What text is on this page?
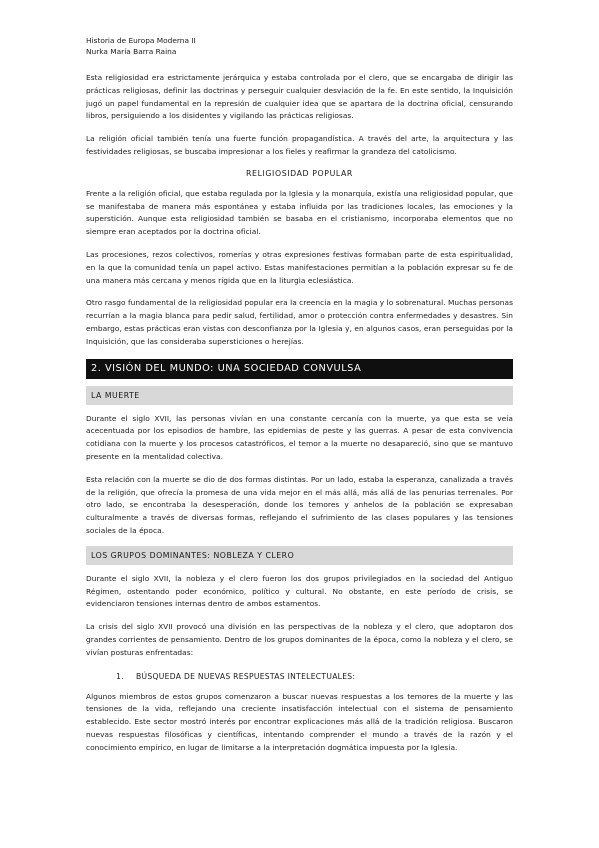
Historia de Europa Moderna II
Nurka María Barra Raina

Esta religiosidad era estrictamente jerárquica y estaba controlada por el clero, que se encargaba de dirigir las prácticas religiosas, definir las doctrinas y perseguir cualquier desviación de la fe. En este sentido, la Inquisición jugó un papel fundamental en la represión de cualquier idea que se apartara de la doctrina oficial, censurando libros, persiguiendo a los disidentes y vigilando las prácticas religiosas.

La religión oficial también tenía una fuerte función propagandística. A través del arte, la arquitectura y las festividades religiosas, se buscaba impresionar a los fieles y reafirmar la grandeza del catolicismo.

RELIGIOSIDAD POPULAR

Frente a la religión oficial, que estaba regulada por la Iglesia y la monarquía, existía una religiosidad popular, que se manifestaba de manera más espontánea y estaba influida por las tradiciones locales, las emociones y la superstición. Aunque esta religiosidad también se basaba en el cristianismo, incorporaba elementos que no siempre eran aceptados por la doctrina oficial.

Las procesiones, rezos colectivos, romerías y otras expresiones festivas formaban parte de esta espiritualidad, en la que la comunidad tenía un papel activo. Estas manifestaciones permitían a la población expresar su fe de una manera más cercana y menos rígida que en la liturgia eclesiástica.

Otro rasgo fundamental de la religiosidad popular era la creencia en la magia y lo sobrenatural. Muchas personas recurrían a la magia blanca para pedir salud, fertilidad, amor o protección contra enfermedades y desastres. Sin embargo, estas prácticas eran vistas con desconfianza por la Iglesia y, en algunos casos, eran perseguidas por la Inquisición, que las consideraba supersticiones o herejías.

2. VISIÓN DEL MUNDO: UNA SOCIEDAD CONVULSA
LA MUERTE

Durante el siglo XVII, las personas vivían en una constante cercanía con la muerte, ya que esta se veía acecentuada por los episodios de hambre, las epidemias de peste y las guerras. A pesar de esta convivencia cotidiana con la muerte y los procesos catastróficos, el temor a la muerte no desapareció, sino que se mantuvo presente en la mentalidad colectiva.

Esta relación con la muerte se dio de dos formas distintas. Por un lado, estaba la esperanza, canalizada a través de la religión, que ofrecía la promesa de una vida mejor en el más allá, más allá de las penurias terrenales. Por otro lado, se encontraba la desesperación, donde los temores y anhelos de la población se expresaban culturalmente a través de diversas formas, reflejando el sufrimiento de las clases populares y las tensiones sociales de la época.

LOS GRUPOS DOMINANTES: NOBLEZA Y CLERO

Durante el siglo XVII, la nobleza y el clero fueron los dos grupos privilegiados en la sociedad del Antiguo Régimen, ostentando poder económico, político y cultural. No obstante, en este período de crisis, se evidenciaron tensiones internas dentro de ambos estamentos.

La crisis del siglo XVII provocó una división en las perspectivas de la nobleza y el clero, que adoptaron dos grandes corrientes de pensamiento. Dentro de los grupos dominantes de la época, como la nobleza y el clero, se vivían posturas enfrentadas:

1. BÚSQUEDA DE NUEVAS RESPUESTAS INTELECTUALES:

Algunos miembros de estos grupos comenzaron a buscar nuevas respuestas a los temores de la muerte y las tensiones de la vida, reflejando una creciente insatisfacción intelectual con el sistema de pensamiento establecido. Este sector mostró interés por encontrar explicaciones más allá de la tradición religiosa. Buscaron nuevas respuestas filosóficas y científicas, intentando comprender el mundo a través de la razón y el conocimiento empírico, en lugar de limitarse a la interpretación dogmática impuesta por la Iglesia.
